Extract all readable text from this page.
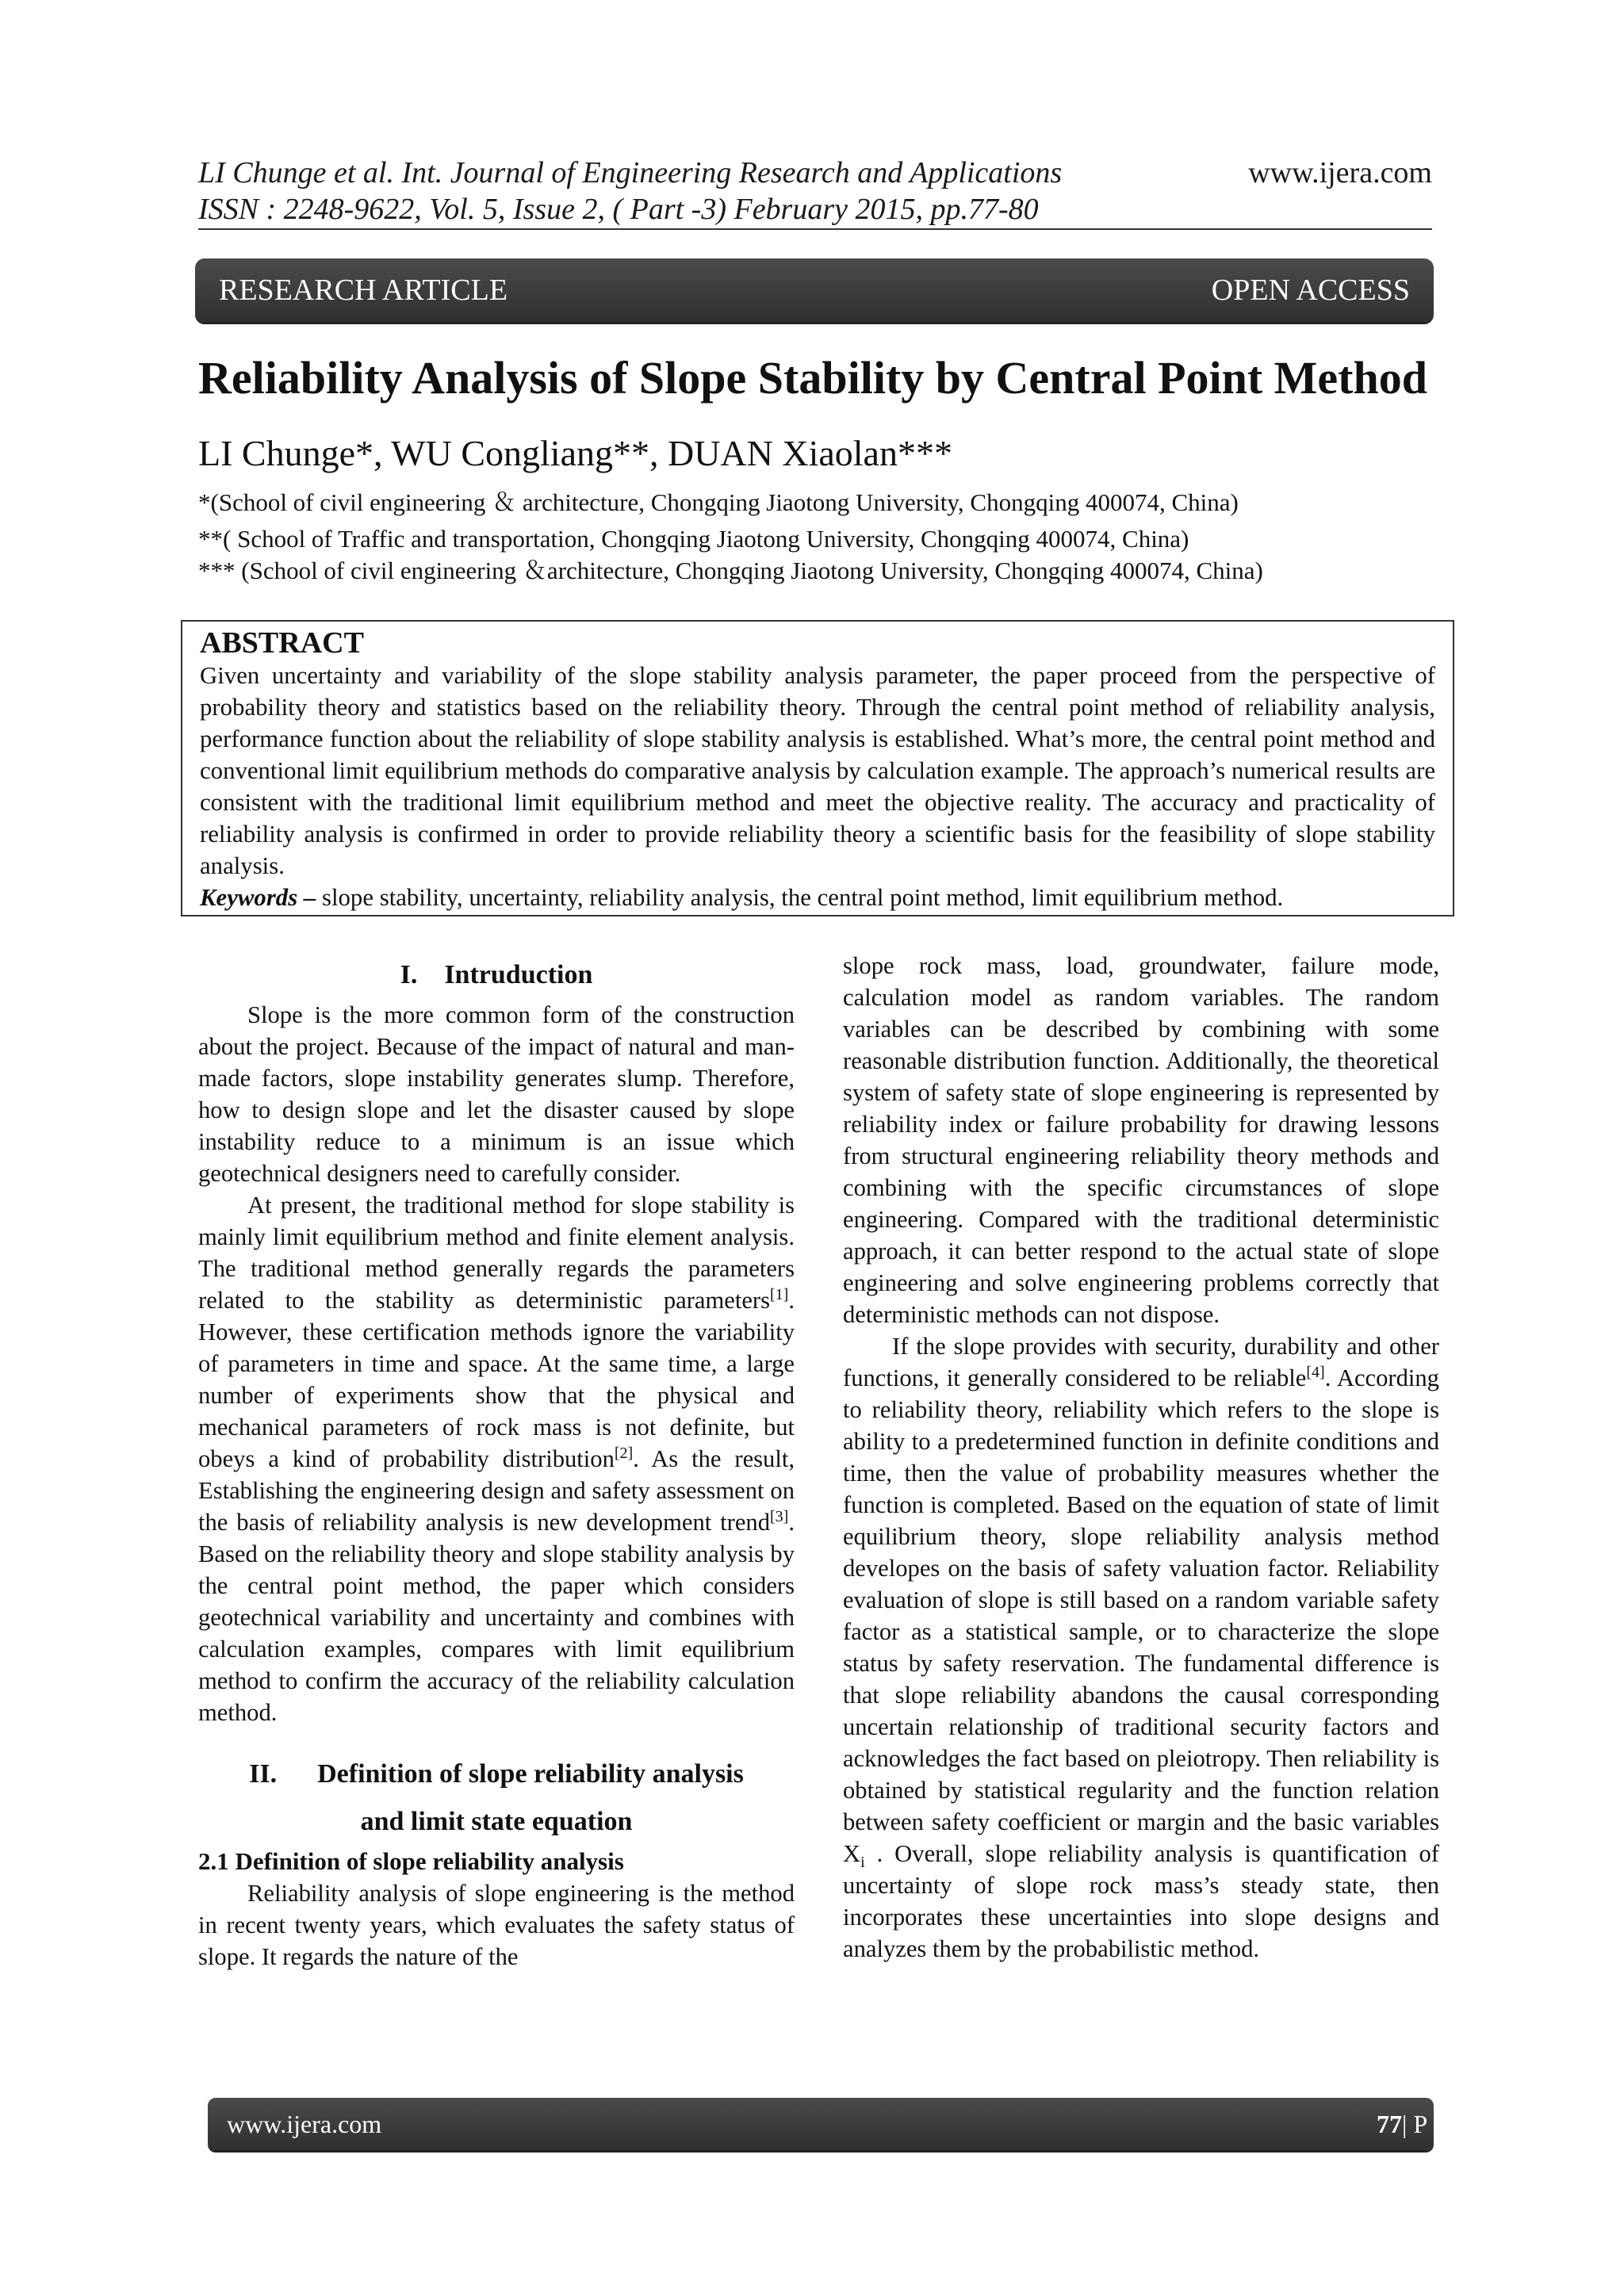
LI Chunge et al. Int. Journal of Engineering Research and Applications
ISSN : 2248-9622, Vol. 5, Issue 2, ( Part -3) February 2015, pp.77-80
www.ijera.com
RESEARCH ARTICLE	OPEN ACCESS
Reliability Analysis of Slope Stability by Central Point Method
LI Chunge*, WU Congliang**, DUAN Xiaolan***
*(School of civil engineering ＆ architecture, Chongqing Jiaotong University, Chongqing 400074, China)
**( School of Traffic and transportation, Chongqing Jiaotong University, Chongqing 400074, China)
*** (School of civil engineering ＆architecture, Chongqing Jiaotong University, Chongqing 400074, China)
ABSTRACT

Given uncertainty and variability of the slope stability analysis parameter, the paper proceed from the perspective of probability theory and statistics based on the reliability theory. Through the central point method of reliability analysis, performance function about the reliability of slope stability analysis is established. What’s more, the central point method and conventional limit equilibrium methods do comparative analysis by calculation example. The approach’s numerical results are consistent with the traditional limit equilibrium method and meet the objective reality. The accuracy and practicality of reliability analysis is confirmed in order to provide reliability theory a scientific basis for the feasibility of slope stability analysis.

Keywords – slope stability, uncertainty, reliability analysis, the central point method, limit equilibrium method.
I. Intruduction

Slope is the more common form of the construction about the project. Because of the impact of natural and man-made factors, slope instability generates slump. Therefore, how to design slope and let the disaster caused by slope instability reduce to a minimum is an issue which geotechnical designers need to carefully consider.

At present, the traditional method for slope stability is mainly limit equilibrium method and finite element analysis. The traditional method generally regards the parameters related to the stability as deterministic parameters[1]. However, these certification methods ignore the variability of parameters in time and space. At the same time, a large number of experiments show that the physical and mechanical parameters of rock mass is not definite, but obeys a kind of probability distribution[2]. As the result, Establishing the engineering design and safety assessment on the basis of reliability analysis is new development trend[3]. Based on the reliability theory and slope stability analysis by the central point method, the paper which considers geotechnical variability and uncertainty and combines with calculation examples, compares with limit equilibrium method to confirm the accuracy of the reliability calculation method.

II. Definition of slope reliability analysis
and limit state equation
2.1 Definition of slope reliability analysis

Reliability analysis of slope engineering is the method in recent twenty years, which evaluates the safety status of slope. It regards the nature of the

slope rock mass, load, groundwater, failure mode, calculation model as random variables. The random variables can be described by combining with some reasonable distribution function. Additionally, the theoretical system of safety state of slope engineering is represented by reliability index or failure probability for drawing lessons from structural engineering reliability theory methods and combining with the specific circumstances of slope engineering. Compared with the traditional deterministic approach, it can better respond to the actual state of slope engineering and solve engineering problems correctly that deterministic methods can not dispose.

If the slope provides with security, durability and other functions, it generally considered to be reliable[4]. According to reliability theory, reliability which refers to the slope is ability to a predetermined function in definite conditions and time, then the value of probability measures whether the function is completed. Based on the equation of state of limit equilibrium theory, slope reliability analysis method developes on the basis of safety valuation factor. Reliability evaluation of slope is still based on a random variable safety factor as a statistical sample, or to characterize the slope status by safety reservation. The fundamental difference is that slope reliability abandons the causal corresponding uncertain relationship of traditional security factors and acknowledges the fact based on pleiotropy. Then reliability is obtained by statistical regularity and the function relation between safety coefficient or margin and the basic variables $X_i$ . Overall, slope reliability analysis is quantification of uncertainty of slope rock mass’s steady state, then incorporates these uncertainties into slope designs and analyzes them by the probabilistic method.

www.ijera.com	77 | P a g e
